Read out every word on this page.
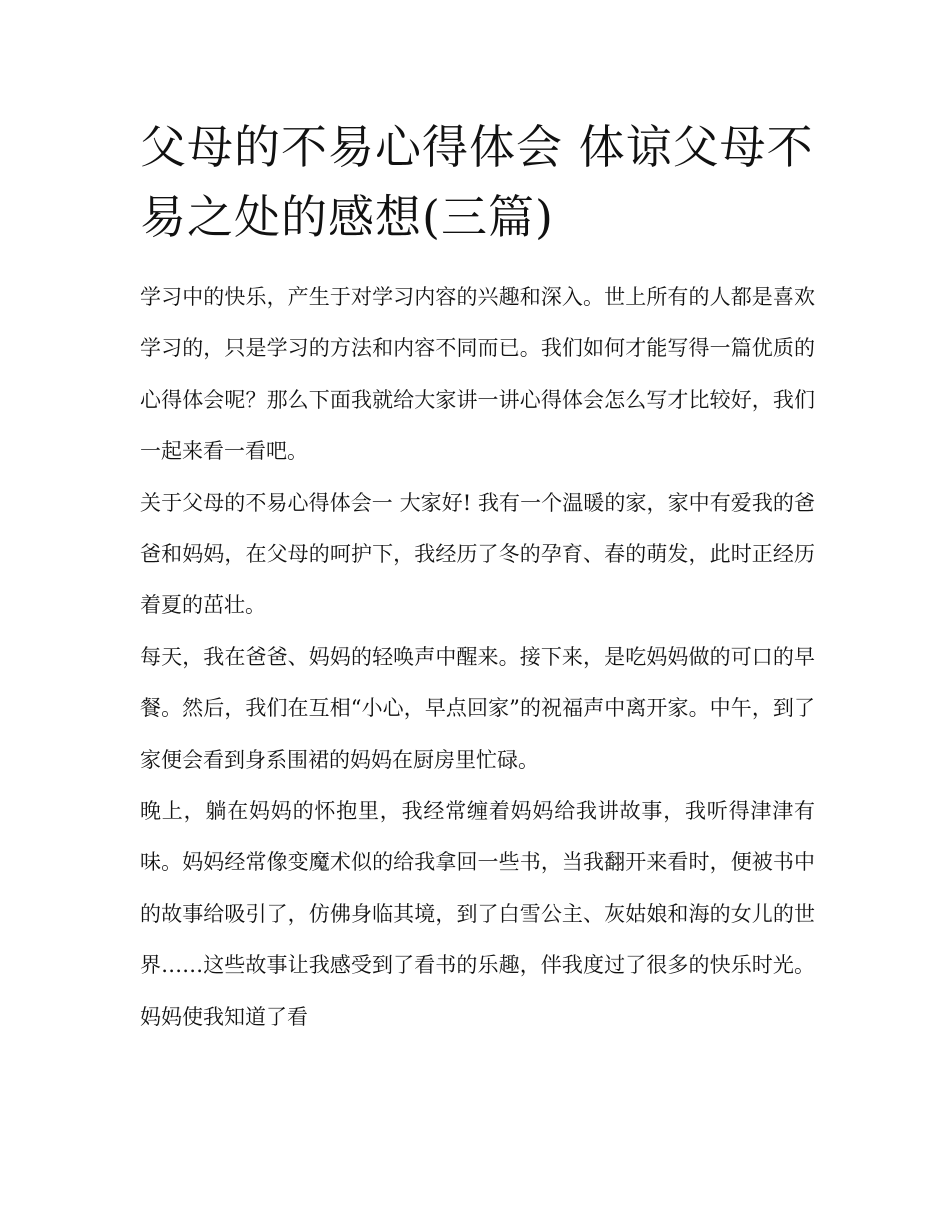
父母的不易心得体会 体谅父母不易之处的感想(三篇)

学习中的快乐，产生于对学习内容的兴趣和深入。世上所有的人都是喜欢学习的，只是学习的方法和内容不同而已。我们如何才能写得一篇优质的心得体会呢？那么下面我就给大家讲一讲心得体会怎么写才比较好，我们一起来看一看吧。

关于父母的不易心得体会一 大家好! 我有一个温暖的家，家中有爱我的爸爸和妈妈，在父母的呵护下，我经历了冬的孕育、春的萌发，此时正经历着夏的茁壮。

每天，我在爸爸、妈妈的轻唤声中醒来。接下来，是吃妈妈做的可口的早餐。然后，我们在互相“小心，早点回家”的祝福声中离开家。中午，到了家便会看到身系围裙的妈妈在厨房里忙碌。

晚上，躺在妈妈的怀抱里，我经常缠着妈妈给我讲故事，我听得津津有味。妈妈经常像变魔术似的给我拿回一些书，当我翻开来看时，便被书中的故事给吸引了，仿佛身临其境，到了白雪公主、灰姑娘和海的女儿的世界……这些故事让我感受到了看书的乐趣，伴我度过了很多的快乐时光。妈妈使我知道了看
